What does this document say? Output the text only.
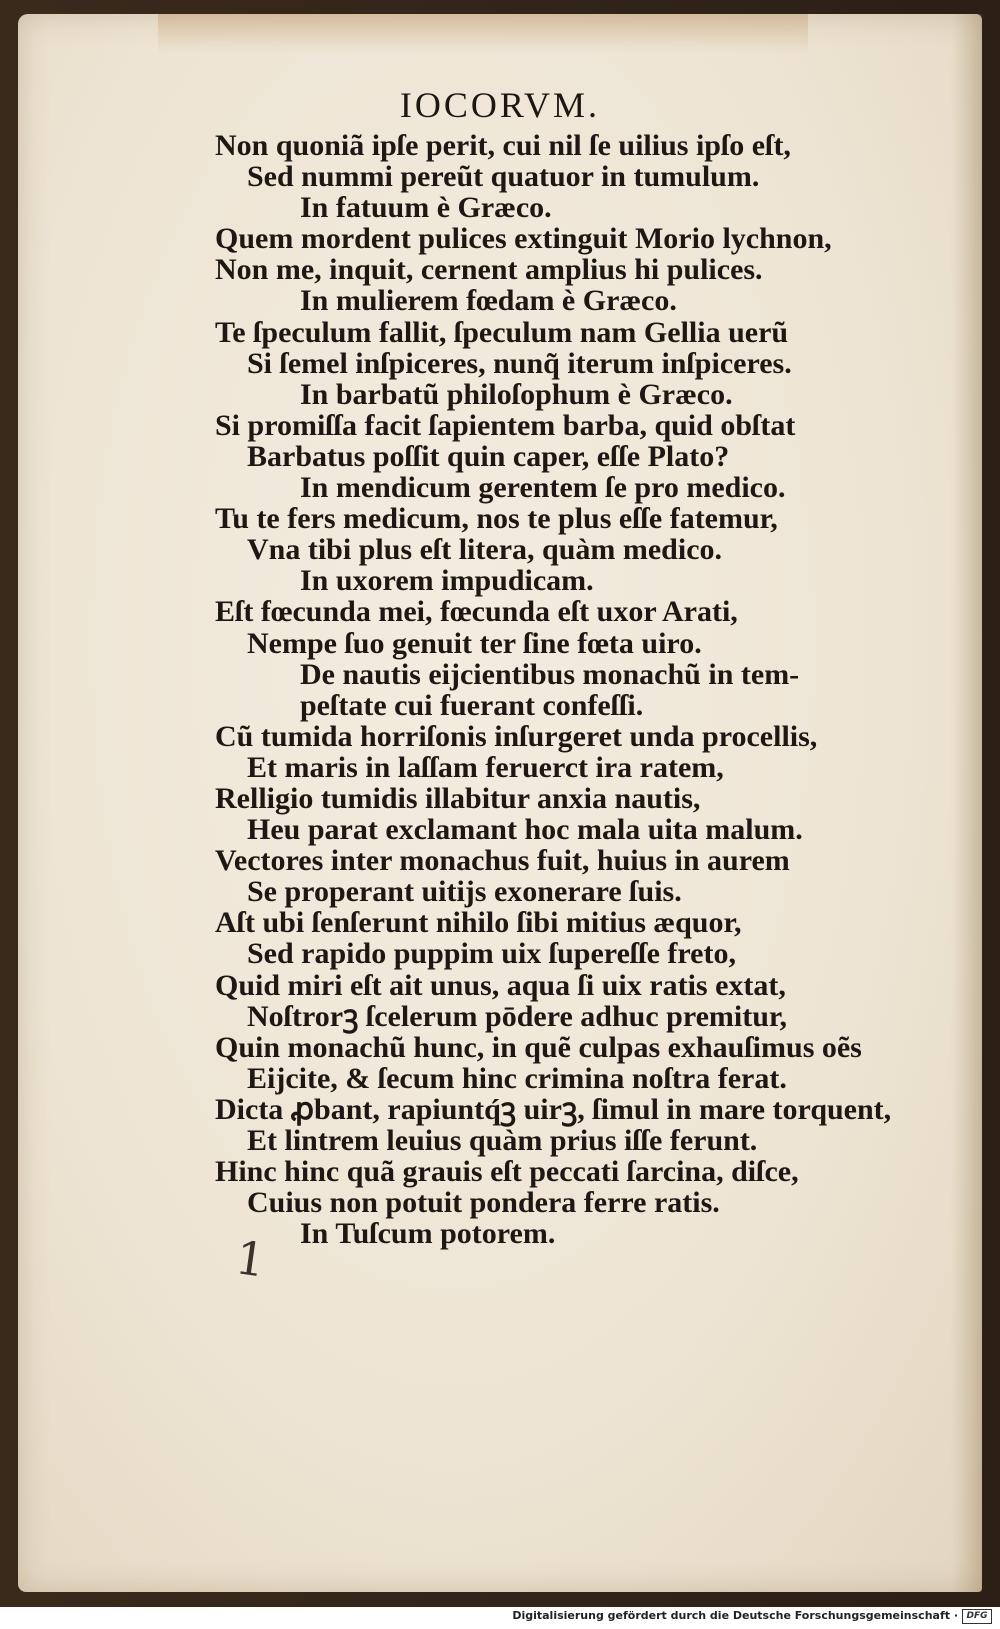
IOCORVM.
Non quoniã ipſe perit, cui nil ſe uilius ipſo eſt,
Sed nummi pereũt quatuor in tumulum.
In fatuum è Græco.
Quem mordent pulices extinguit Morio lychnon,
Non me, inquit, cernent amplius hi pulices.
In mulierem fœdam è Græco.
Te ſpeculum fallit, ſpeculum nam Gellia uerũ
Si ſemel inſpiceres, nunq̃ iterum inſpiceres.
In barbatũ philoſophum è Græco.
Si promiſſa facit ſapientem barba, quid obſtat
Barbatus poſſit quin caper, eſſe Plato?
In mendicum gerentem ſe pro medico.
Tu te fers medicum, nos te plus eſſe fatemur,
Vna tibi plus eſt litera, quàm medico.
In uxorem impudicam.
Eſt fœcunda mei, fœcunda eſt uxor Arati,
Nempe ſuo genuit ter ſine fœta uiro.
De nautis eijcientibus monachũ in tem-
peſtate cui fuerant confeſſi.
Cũ tumida horriſonis inſurgeret unda procellis,
Et maris in laſſam feruerct ira ratem,
Relligio tumidis illabitur anxia nautis,
Heu parat exclamant hoc mala uita malum.
Vectores inter monachus fuit, huius in aurem
Se properant uitijs exonerare ſuis.
Aſt ubi ſenſerunt nihilo ſibi mitius æquor,
Sed rapido puppim uix ſupereſſe freto,
Quid miri eſt ait unus, aqua ſi uix ratis extat,
Noſtrorꝫ ſcelerum pōdere adhuc premitur,
Quin monachũ hunc, in quẽ culpas exhauſimus oẽs
Eijcite, & ſecum hinc crimina noſtra ferat.
Dicta ꝓbant, rapiuntq́ꝫ uirꝫ, ſimul in mare torquent,
Et lintrem leuius quàm prius iſſe ferunt.
Hinc hinc quã grauis eſt peccati ſarcina, diſce,
Cuius non potuit pondera ferre ratis.
In Tuſcum potorem.
1
Digitalisierung gefördert durch die Deutsche Forschungsgemeinschaft · DFG
